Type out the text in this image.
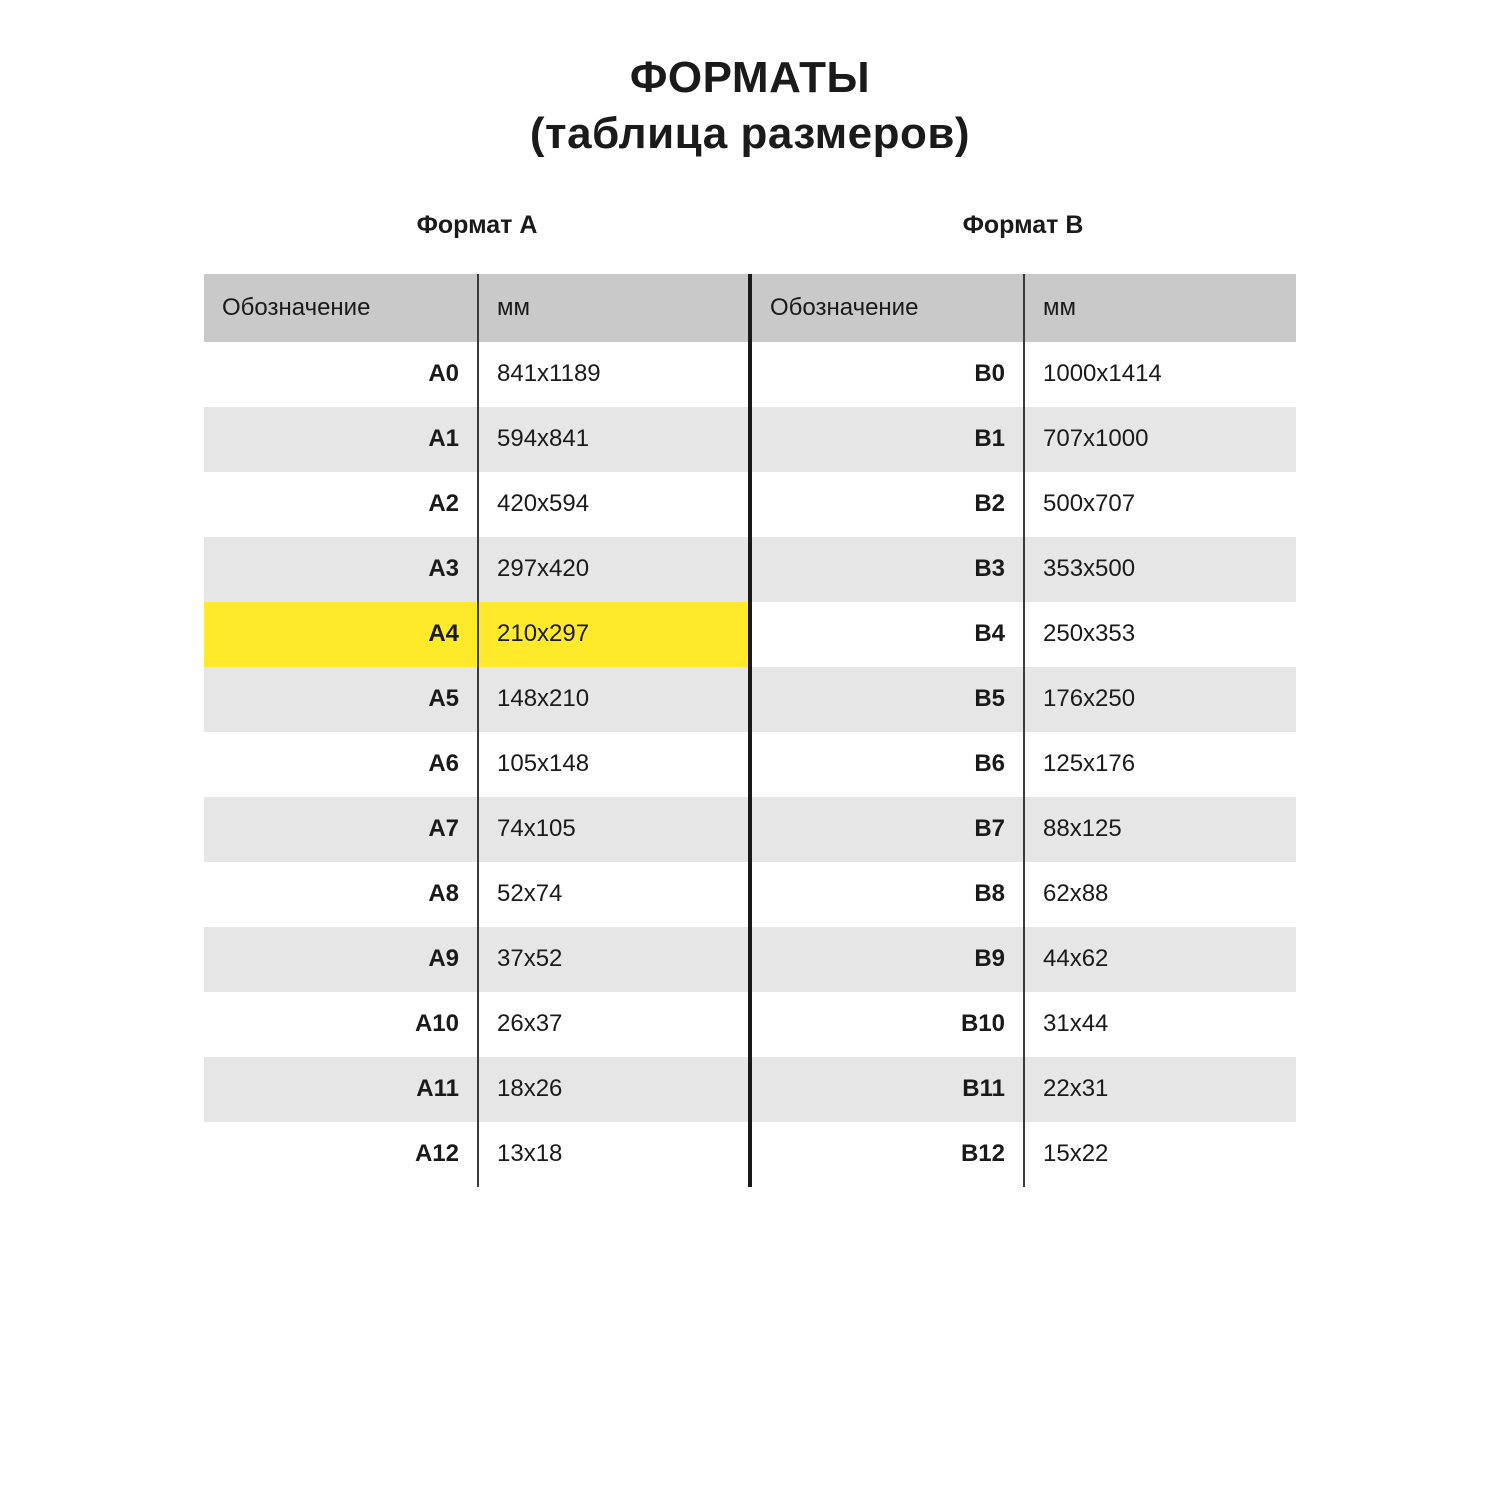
ФОРМАТЫ
(таблица размеров)
Формат A	Формат B
Обозначение	мм	Обозначение	мм
A0	841x1189	B0	1000x1414
A1	594x841	B1	707x1000
A2	420x594	B2	500x707
A3	297x420	B3	353x500
A4	210x297	B4	250x353
A5	148x210	B5	176x250
A6	105x148	B6	125x176
A7	74x105	B7	88x125
A8	52x74	B8	62x88
A9	37x52	B9	44x62
A10	26x37	B10	31x44
A11	18x26	B11	22x31
A12	13x18	B12	15x22
